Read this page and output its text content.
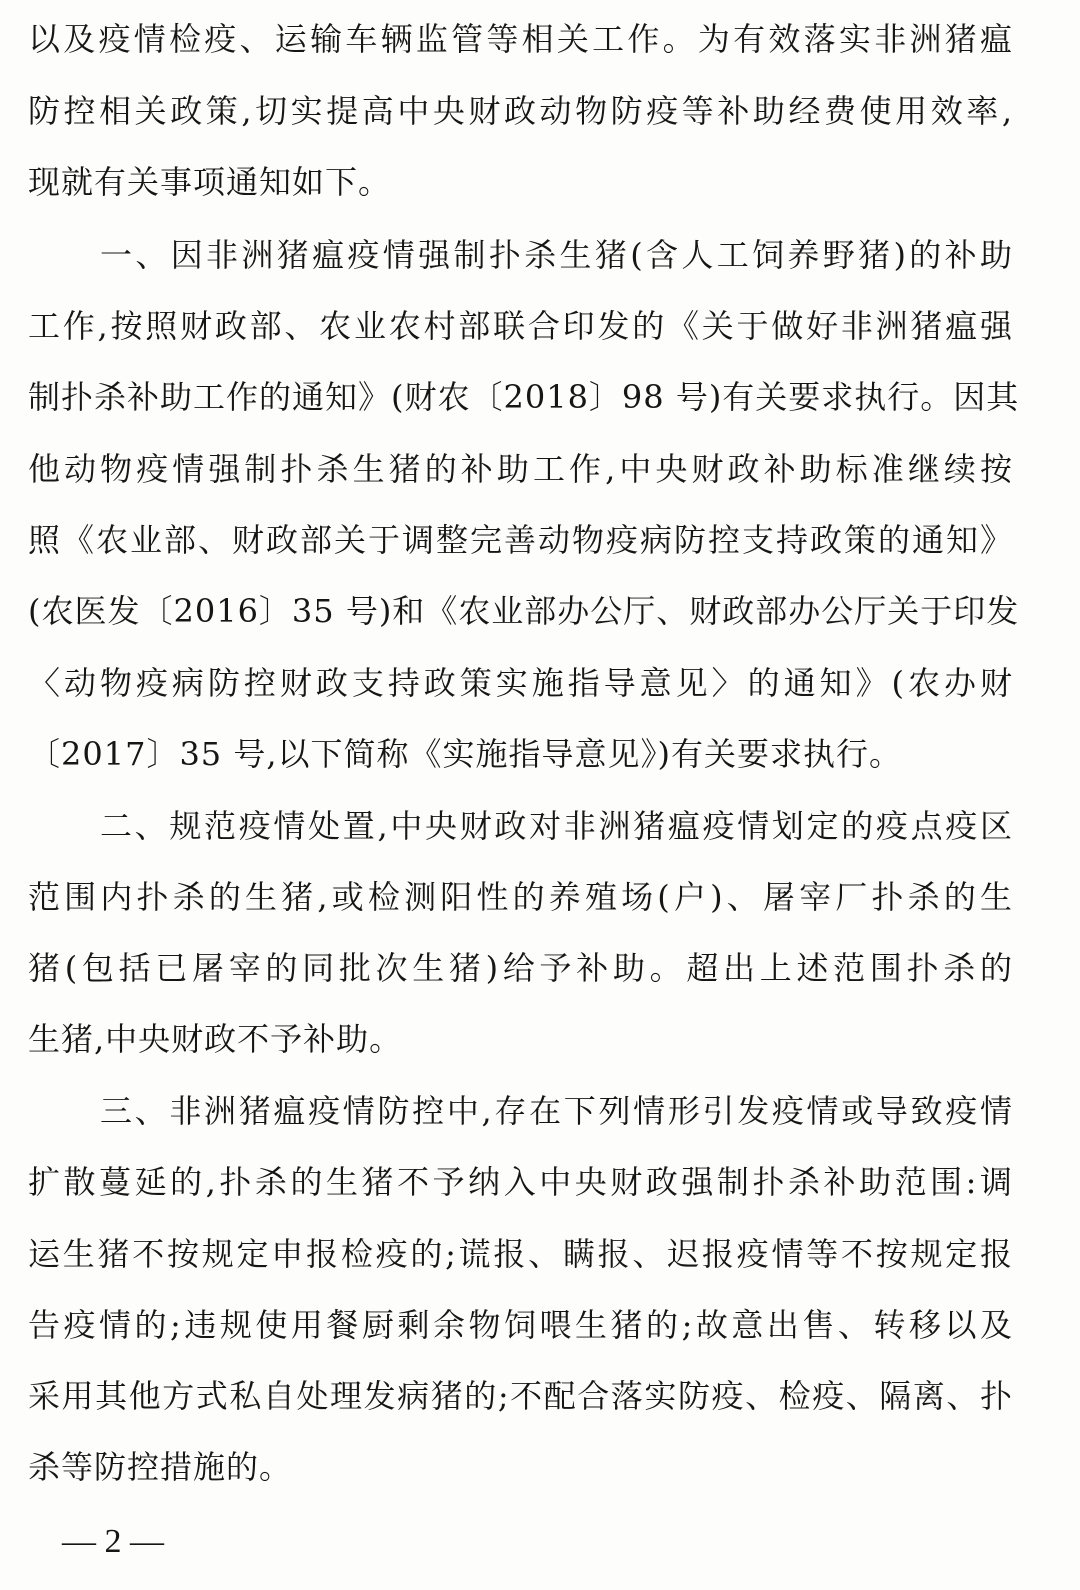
以及疫情检疫、运输车辆监管等相关工作。为有效落实非洲猪瘟
防控相关政策,切实提高中央财政动物防疫等补助经费使用效率,
现就有关事项通知如下。
一、因非洲猪瘟疫情强制扑杀生猪(含人工饲养野猪)的补助
工作,按照财政部、农业农村部联合印发的《关于做好非洲猪瘟强
制扑杀补助工作的通知》(财农〔2018〕98 号)有关要求执行。因其
他动物疫情强制扑杀生猪的补助工作,中央财政补助标准继续按
照《农业部、财政部关于调整完善动物疫病防控支持政策的通知》
(农医发〔2016〕35 号)和《农业部办公厅、财政部办公厅关于印发
〈动物疫病防控财政支持政策实施指导意见〉的通知》(农办财
〔2017〕35 号,以下简称《实施指导意见》)有关要求执行。
二、规范疫情处置,中央财政对非洲猪瘟疫情划定的疫点疫区
范围内扑杀的生猪,或检测阳性的养殖场(户)、屠宰厂扑杀的生
猪(包括已屠宰的同批次生猪)给予补助。超出上述范围扑杀的
生猪,中央财政不予补助。
三、非洲猪瘟疫情防控中,存在下列情形引发疫情或导致疫情
扩散蔓延的,扑杀的生猪不予纳入中央财政强制扑杀补助范围:调
运生猪不按规定申报检疫的;谎报、瞒报、迟报疫情等不按规定报
告疫情的;违规使用餐厨剩余物饲喂生猪的;故意出售、转移以及
采用其他方式私自处理发病猪的;不配合落实防疫、检疫、隔离、扑
杀等防控措施的。
— 2 —
